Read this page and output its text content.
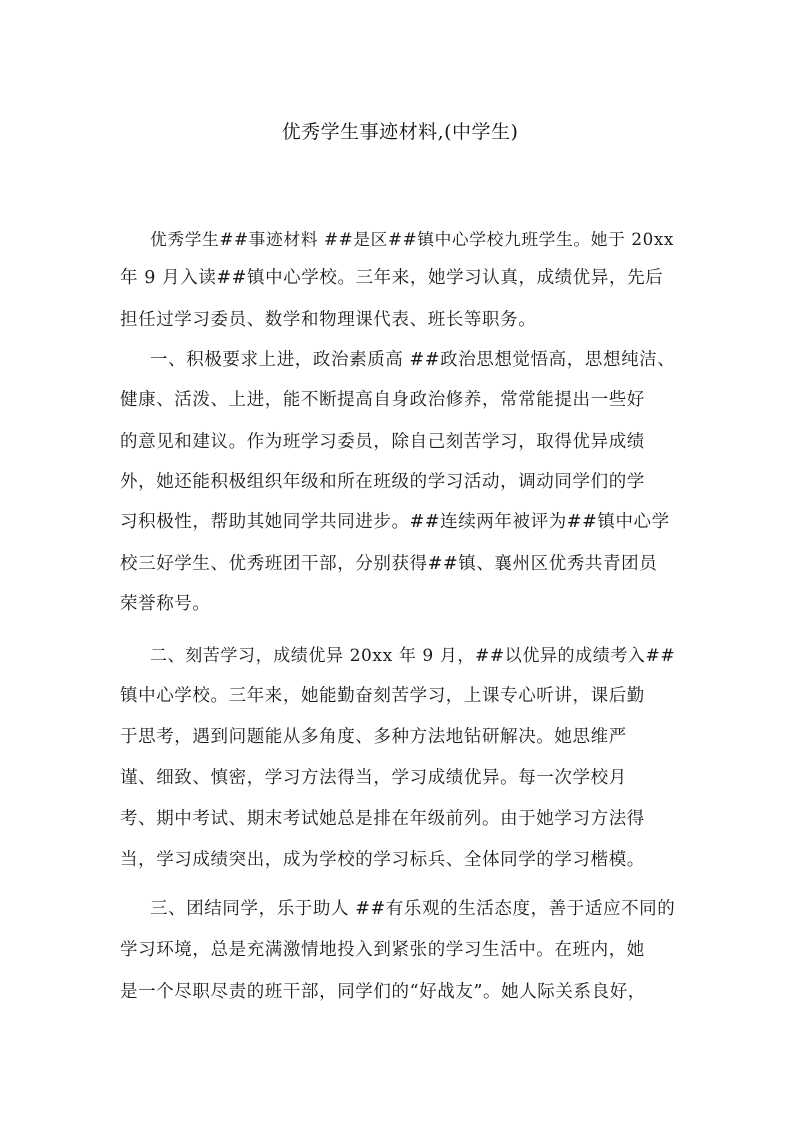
优秀学生事迹材料,(中学生)
优秀学生##事迹材料 ##是区##镇中心学校九班学生。她于 20xx
年 9 月入读##镇中心学校。三年来，她学习认真，成绩优异，先后
担任过学习委员、数学和物理课代表、班长等职务。
一、积极要求上进，政治素质高 ##政治思想觉悟高，思想纯洁、
健康、活泼、上进，能不断提高自身政治修养，常常能提出一些好
的意见和建议。作为班学习委员，除自己刻苦学习，取得优异成绩
外，她还能积极组织年级和所在班级的学习活动，调动同学们的学
习积极性，帮助其她同学共同进步。##连续两年被评为##镇中心学
校三好学生、优秀班团干部，分别获得##镇、襄州区优秀共青团员
荣誉称号。
二、刻苦学习，成绩优异 20xx 年 9 月，##以优异的成绩考入##
镇中心学校。三年来，她能勤奋刻苦学习，上课专心听讲，课后勤
于思考，遇到问题能从多角度、多种方法地钻研解决。她思维严
谨、细致、慎密，学习方法得当，学习成绩优异。每一次学校月
考、期中考试、期末考试她总是排在年级前列。由于她学习方法得
当，学习成绩突出，成为学校的学习标兵、全体同学的学习楷模。
三、团结同学，乐于助人 ##有乐观的生活态度，善于适应不同的
学习环境，总是充满激情地投入到紧张的学习生活中。在班内，她
是一个尽职尽责的班干部，同学们的“好战友”。她人际关系良好，
